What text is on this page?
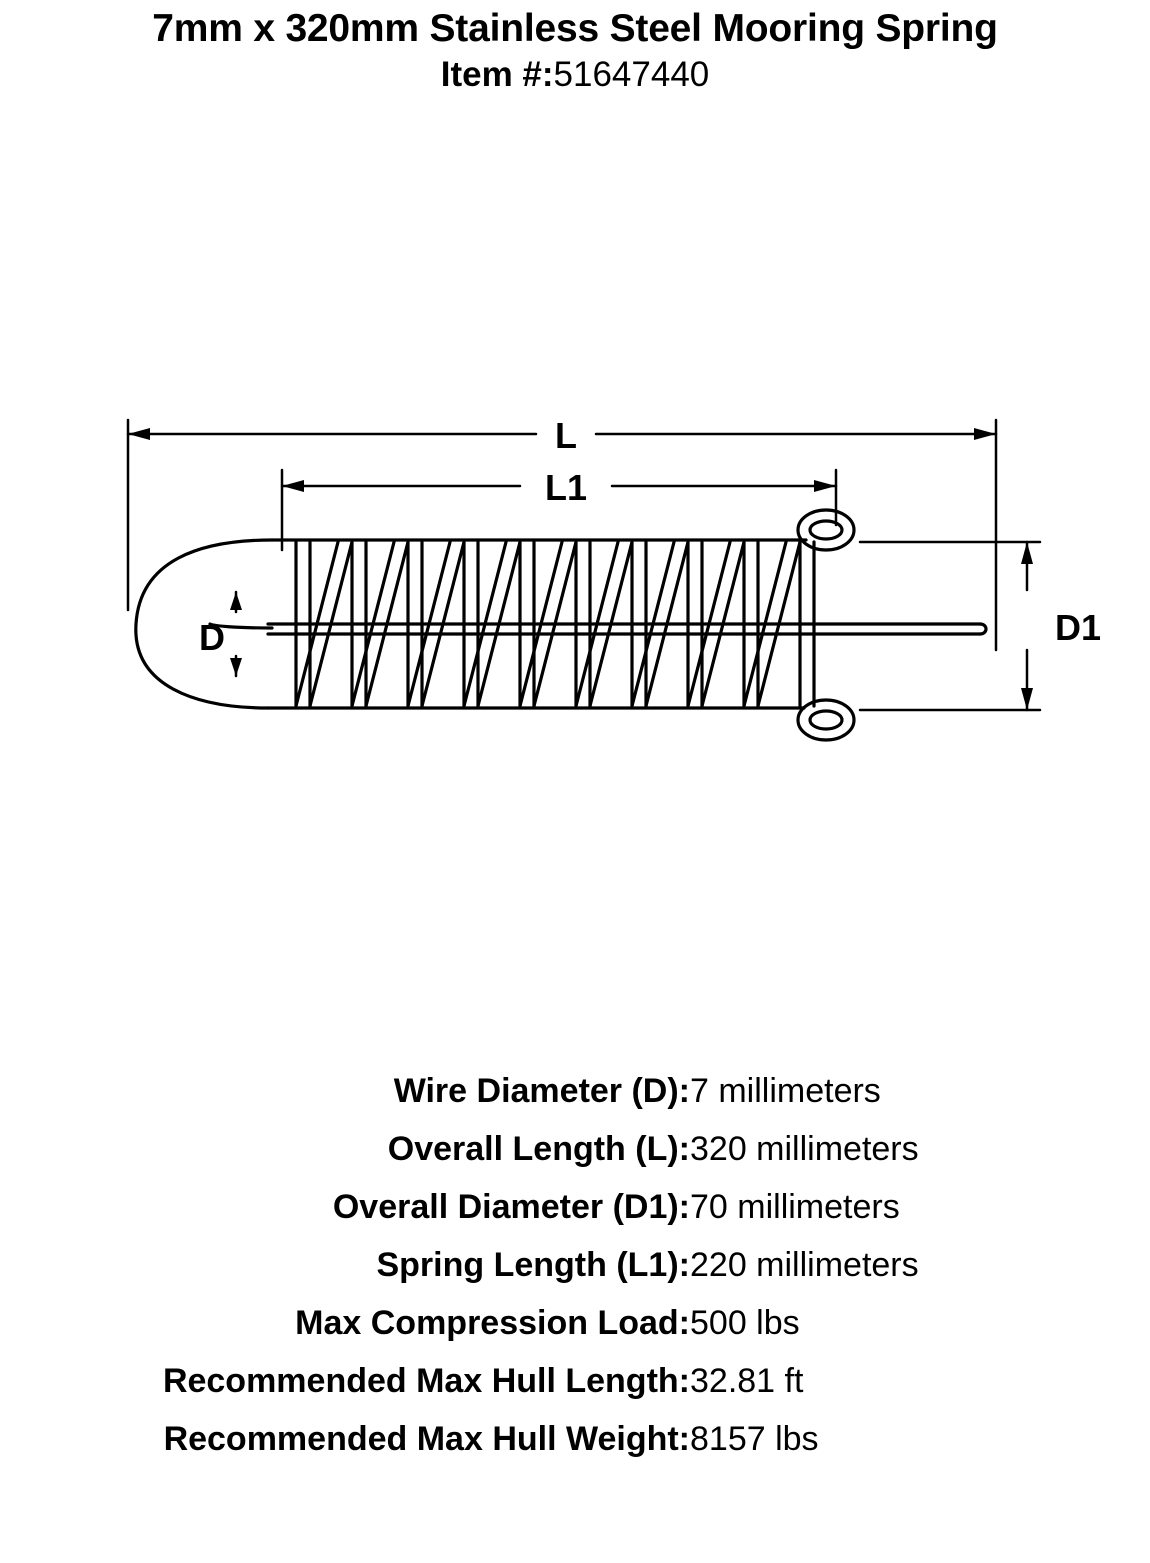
7mm x 320mm Stainless Steel Mooring Spring
Item #:51647440
L
L1
D	D1
Wire Diameter (D):	7 millimeters
Overall Length (L):	320 millimeters
Overall Diameter (D1):	70 millimeters
Spring Length (L1):	220 millimeters
Max Compression Load:	500 lbs
Recommended Max Hull Length:	32.81 ft
Recommended Max Hull Weight:	8157 lbs
